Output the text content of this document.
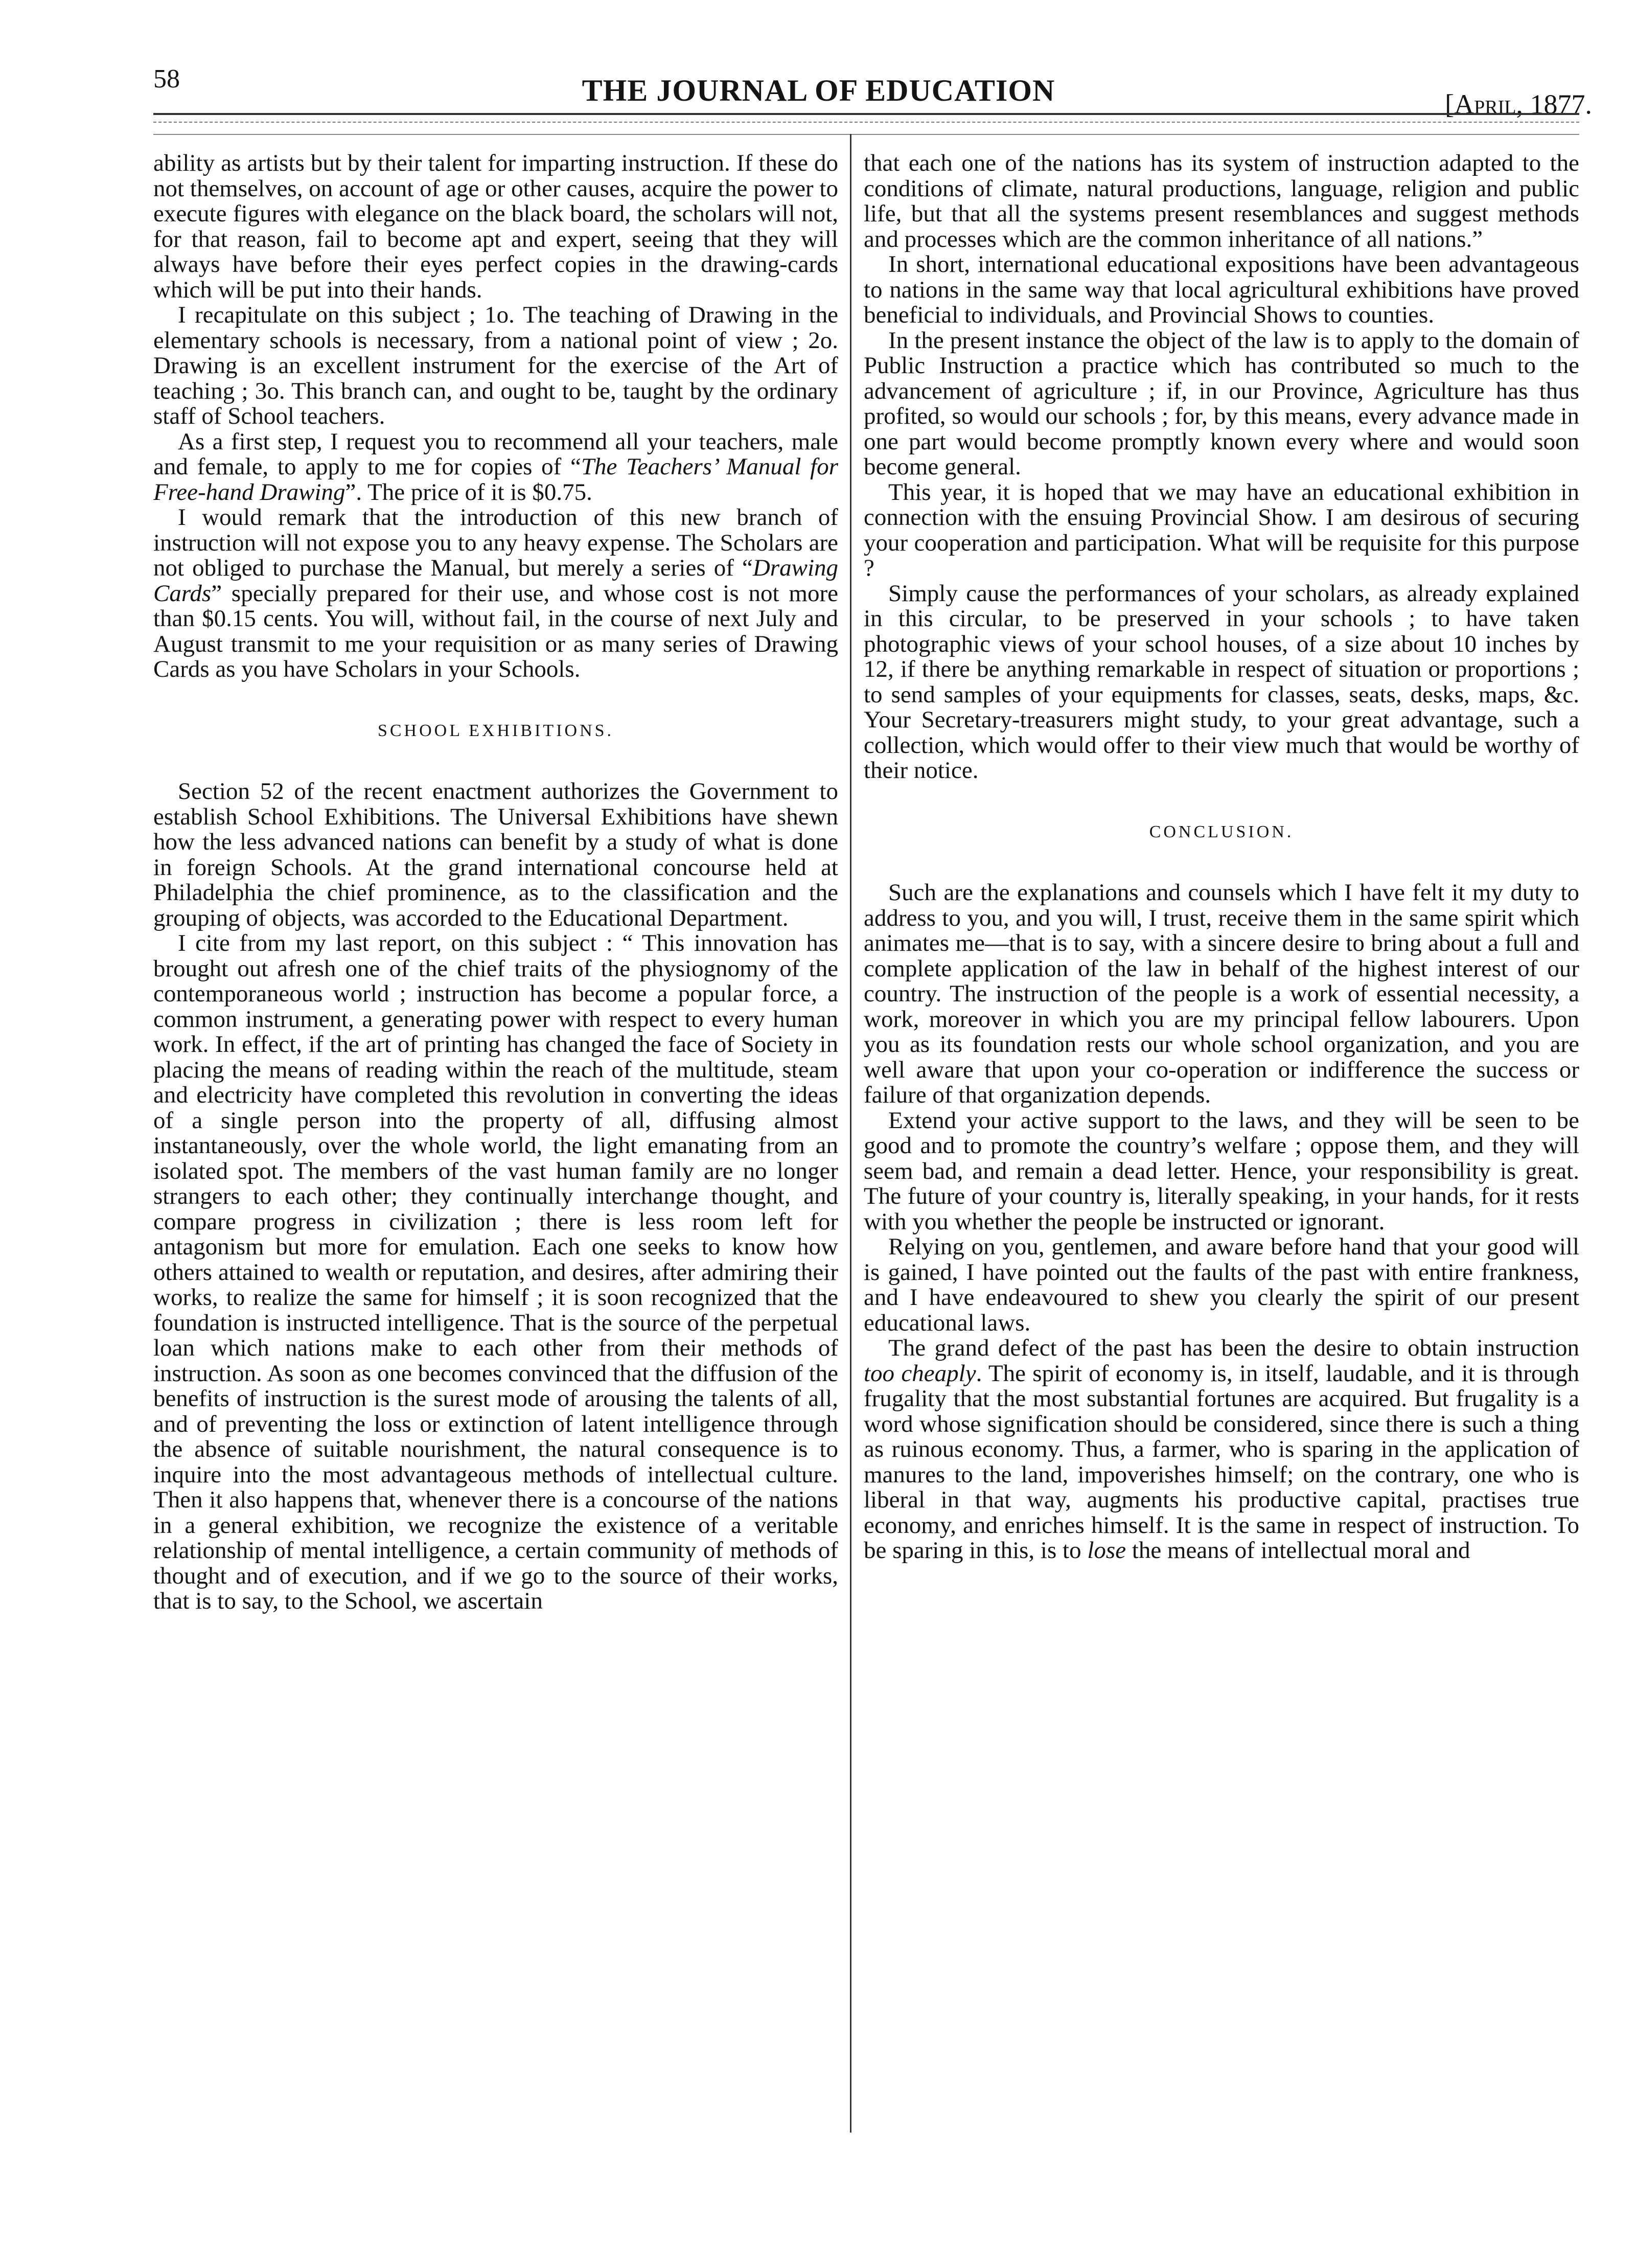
58	THE JOURNAL OF EDUCATION	[April, 1877.

ability as artists but by their talent for imparting instruction. If these do not themselves, on account of age or other causes, acquire the power to execute figures with elegance on the black board, the scholars will not, for that reason, fail to become apt and expert, seeing that they will always have before their eyes perfect copies in the drawing-cards which will be put into their hands.

I recapitulate on this subject ; 1o. The teaching of Drawing in the elementary schools is necessary, from a national point of view ; 2o. Drawing is an excellent instrument for the exercise of the Art of teaching ; 3o. This branch can, and ought to be, taught by the ordinary staff of School teachers.

As a first step, I request you to recommend all your teachers, male and female, to apply to me for copies of “The Teachers’ Manual for Free-hand Drawing”. The price of it is $0.75.

I would remark that the introduction of this new branch of instruction will not expose you to any heavy expense. The Scholars are not obliged to purchase the Manual, but merely a series of “Drawing Cards” specially prepared for their use, and whose cost is not more than $0.15 cents. You will, without fail, in the course of next July and August transmit to me your requisition or as many series of Drawing Cards as you have Scholars in your Schools.

SCHOOL EXHIBITIONS.

Section 52 of the recent enactment authorizes the Government to establish School Exhibitions. The Universal Exhibitions have shewn how the less advanced nations can benefit by a study of what is done in foreign Schools. At the grand international concourse held at Philadelphia the chief prominence, as to the classification and the grouping of objects, was accorded to the Educational Department.

I cite from my last report, on this subject : “ This innovation has brought out afresh one of the chief traits of the physiognomy of the contemporaneous world ; instruction has become a popular force, a common instrument, a generating power with respect to every human work. In effect, if the art of printing has changed the face of Society in placing the means of reading within the reach of the multitude, steam and electricity have completed this revolution in converting the ideas of a single person into the property of all, diffusing almost instantaneously, over the whole world, the light emanating from an isolated spot. The members of the vast human family are no longer strangers to each other; they continually interchange thought, and compare progress in civilization ; there is less room left for antagonism but more for emulation. Each one seeks to know how others attained to wealth or reputation, and desires, after admiring their works, to realize the same for himself ; it is soon recognized that the foundation is instructed intelligence. That is the source of the perpetual loan which nations make to each other from their methods of instruction. As soon as one becomes convinced that the diffusion of the benefits of instruction is the surest mode of arousing the talents of all, and of preventing the loss or extinction of latent intelligence through the absence of suitable nourishment, the natural consequence is to inquire into the most advantageous methods of intellectual culture. Then it also happens that, whenever there is a concourse of the nations in a general exhibition, we recognize the existence of a veritable relationship of mental intelligence, a certain community of methods of thought and of execution, and if we go to the source of their works, that is to say, to the School, we ascertain

that each one of the nations has its system of instruction adapted to the conditions of climate, natural productions, language, religion and public life, but that all the systems present resemblances and suggest methods and processes which are the common inheritance of all nations.”

In short, international educational expositions have been advantageous to nations in the same way that local agricultural exhibitions have proved beneficial to individuals, and Provincial Shows to counties.

In the present instance the object of the law is to apply to the domain of Public Instruction a practice which has contributed so much to the advancement of agriculture ; if, in our Province, Agriculture has thus profited, so would our schools ; for, by this means, every advance made in one part would become promptly known every where and would soon become general.

This year, it is hoped that we may have an educational exhibition in connection with the ensuing Provincial Show. I am desirous of securing your cooperation and participation. What will be requisite for this purpose ?

Simply cause the performances of your scholars, as already explained in this circular, to be preserved in your schools ; to have taken photographic views of your school houses, of a size about 10 inches by 12, if there be anything remarkable in respect of situation or proportions ; to send samples of your equipments for classes, seats, desks, maps, &c. Your Secretary-treasurers might study, to your great advantage, such a collection, which would offer to their view much that would be worthy of their notice.

CONCLUSION.

Such are the explanations and counsels which I have felt it my duty to address to you, and you will, I trust, receive them in the same spirit which animates me—that is to say, with a sincere desire to bring about a full and complete application of the law in behalf of the highest interest of our country. The instruction of the people is a work of essential necessity, a work, moreover in which you are my principal fellow labourers. Upon you as its foundation rests our whole school organization, and you are well aware that upon your co-operation or indifference the success or failure of that organization depends.

Extend your active support to the laws, and they will be seen to be good and to promote the country’s welfare ; oppose them, and they will seem bad, and remain a dead letter. Hence, your responsibility is great. The future of your country is, literally speaking, in your hands, for it rests with you whether the people be instructed or ignorant.

Relying on you, gentlemen, and aware before hand that your good will is gained, I have pointed out the faults of the past with entire frankness, and I have endeavoured to shew you clearly the spirit of our present educational laws.

The grand defect of the past has been the desire to obtain instruction too cheaply. The spirit of economy is, in itself, laudable, and it is through frugality that the most substantial fortunes are acquired. But frugality is a word whose signification should be considered, since there is such a thing as ruinous economy. Thus, a farmer, who is sparing in the application of manures to the land, impoverishes himself; on the contrary, one who is liberal in that way, augments his productive capital, practises true economy, and enriches himself. It is the same in respect of instruction. To be sparing in this, is to lose the means of intellectual moral and
